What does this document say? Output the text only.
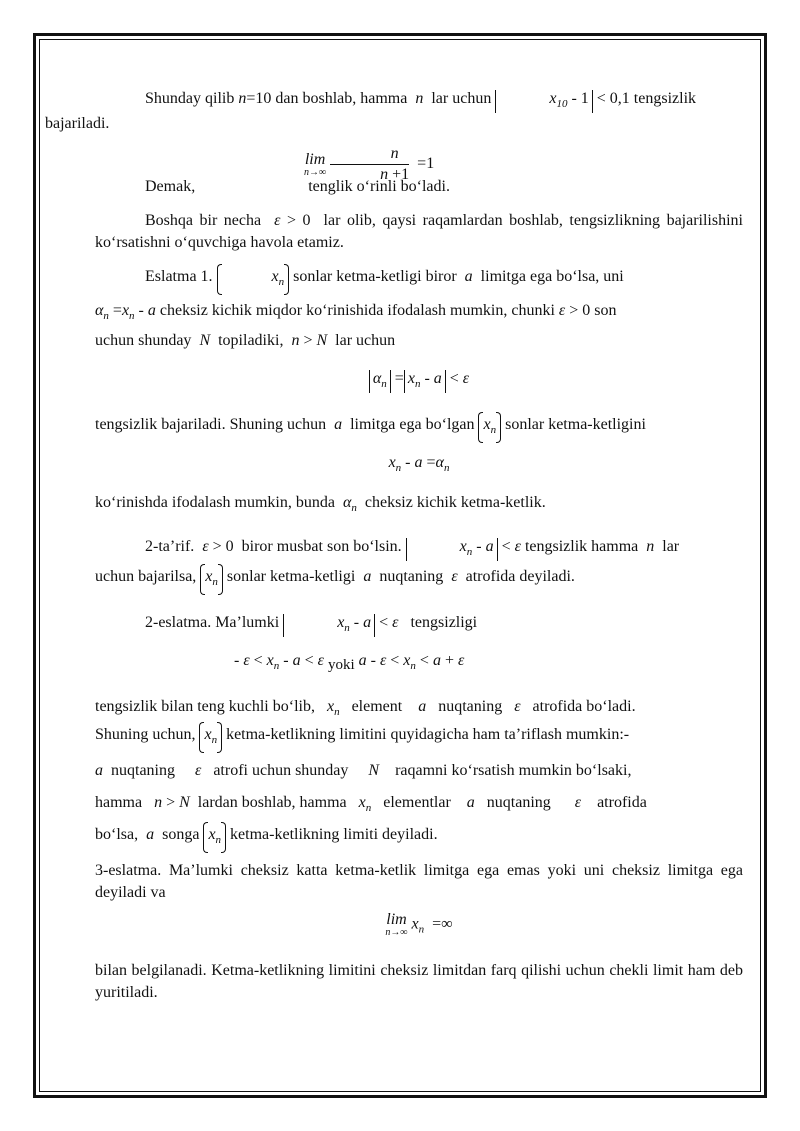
Shunday qilib n=10 dan boshlab, hamma  n  lar uchun	$x_{10} - 1 < 0,1$ tengsizlik
bajariladi.
lim
n→∞
$\frac{n}{n +1} =1$
Demak,	tenglik o‘rinli bo‘ladi.
Boshqa bir necha  ε > 0 lar olib, qaysi raqamlardan boshlab, tengsizlikning bajarilishini ko‘rsatishni o‘quvchiga havola etamiz.
Eslatma 1.	$x_n$ sonlar ketma-ketligi biror  a  limitga ega bo‘lsa, uni
$\alpha_n =x_n - a$ cheksiz kichik miqdor ko‘rinishida ifodalash mumkin, chunki ε > 0 son
uchun shunday  N  topiladiki,  n > N  lar uchun
$\alpha_n = x_n - a < \varepsilon$
tengsizlik bajariladi. Shuning uchun  a  limitga ega bo‘lgan $x_n$ sonlar ketma-ketligini
$x_n - a =\alpha_n$
ko‘rinishda ifodalash mumkin, bunda  $\alpha_n$ cheksiz kichik ketma-ketlik.
2-ta’rif.  ε > 0 biror musbat son bo‘lsin.	$x_n - a < \varepsilon$ tengsizlik hamma  n  lar
uchun bajarilsa, $x_n$ sonlar ketma-ketligi  a  nuqtaning  ε  atrofida deyiladi.
2-eslatma. Ma’lumki	$x_n - a < \varepsilon$ tengsizligi
- $\varepsilon < x_n - a < \varepsilon$ yoki $a - \varepsilon < x_n < a + \varepsilon$
tengsizlik bilan teng kuchli bo‘lib,   $x_n$ element    a   nuqtaning   ε   atrofida bo‘ladi.
Shuning uchun, $x_n$ ketma-ketlikning limitini quyidagicha ham ta’riflash mumkin:-
a  nuqtaning     ε   atrofi uchun shunday     N    raqamni ko‘rsatish mumkin bo‘lsaki,
hamma   n > N  lardan boshlab, hamma   $x_n$ elementlar    a   nuqtaning      ε    atrofida
bo‘lsa,  a  songa $x_n$ ketma-ketlikning limiti deyiladi.
3-eslatma. Ma’lumki cheksiz katta ketma-ketlik limitga ega emas yoki uni cheksiz limitga ega deyiladi va
lim
n→∞ $x_n$  =∞
bilan belgilanadi. Ketma-ketlikning limitini cheksiz limitdan farq qilishi uchun chekli limit ham deb yuritiladi.
